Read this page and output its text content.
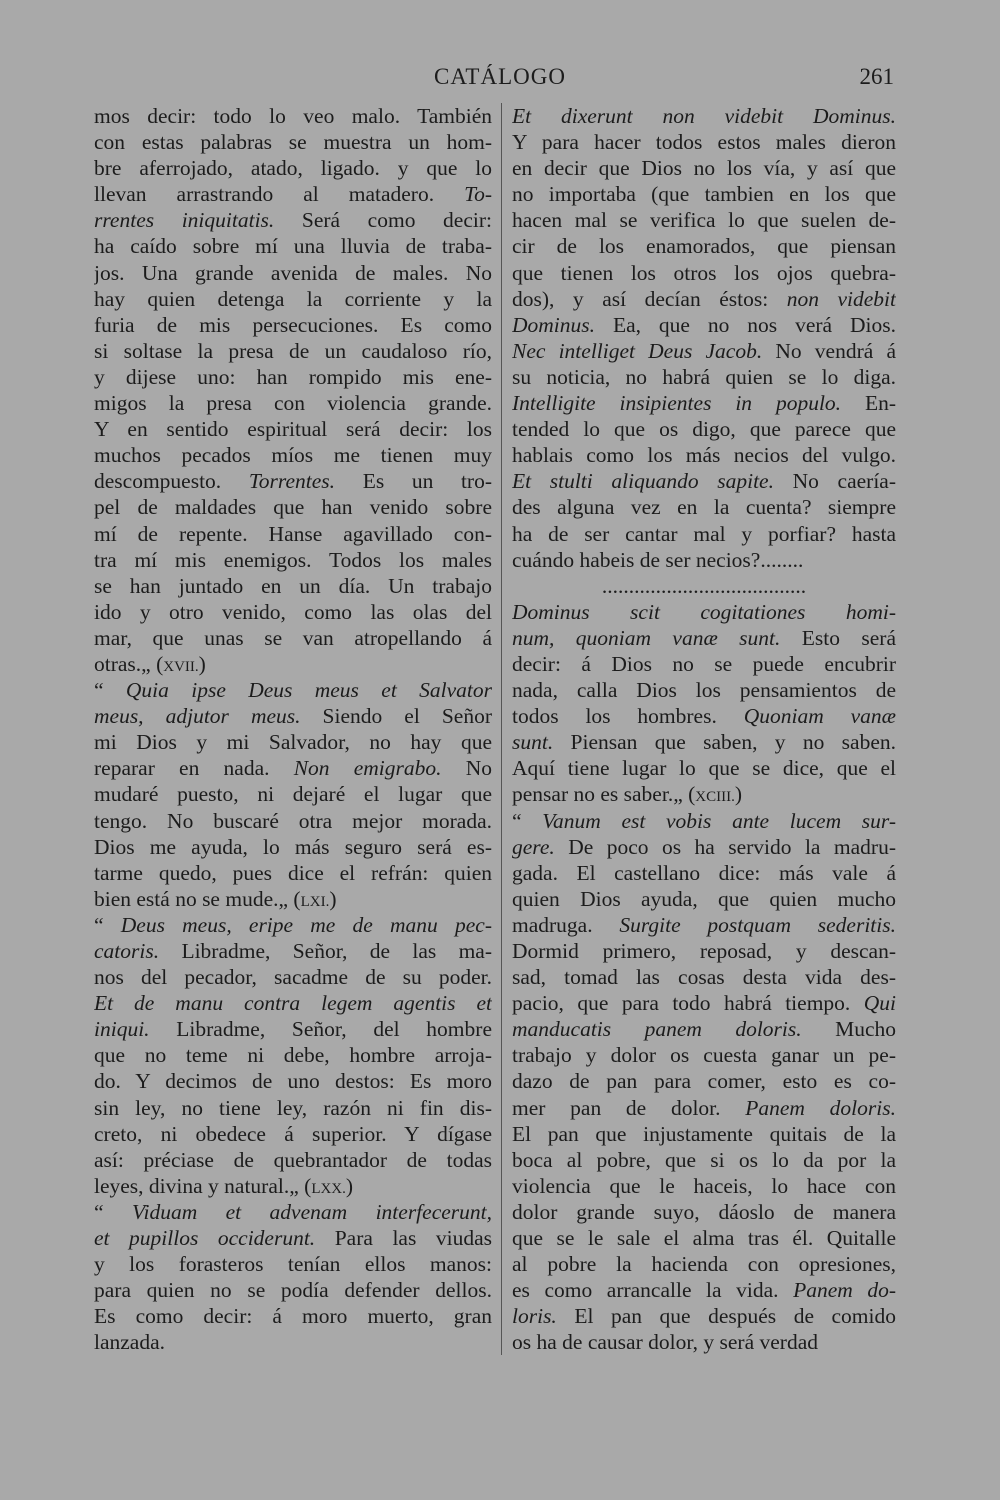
CATÁLOGO	261
mos decir: todo lo veo malo. También
con estas palabras se muestra un hom-
bre aferrojado, atado, ligado. y que lo
llevan arrastrando al matadero. To-
rrentes iniquitatis. Será como decir:
ha caído sobre mí una lluvia de traba-
jos. Una grande avenida de males. No
hay quien detenga la corriente y la
furia de mis persecuciones. Es como
si soltase la presa de un caudaloso río,
y dijese uno: han rompido mis ene-
migos la presa con violencia grande.
Y en sentido espiritual será decir: los
muchos pecados míos me tienen muy
descompuesto. Torrentes. Es un tro-
pel de maldades que han venido sobre
mí de repente. Hanse agavillado con-
tra mí mis enemigos. Todos los males
se han juntado en un día. Un trabajo
ido y otro venido, como las olas del
mar, que unas se van atropellando á
otras.„ (XVII.)
“ Quia ipse Deus meus et Salvator
meus, adjutor meus. Siendo el Señor
mi Dios y mi Salvador, no hay que
reparar en nada. Non emigrabo. No
mudaré puesto, ni dejaré el lugar que
tengo. No buscaré otra mejor morada.
Dios me ayuda, lo más seguro será es-
tarme quedo, pues dice el refrán: quien
bien está no se mude.„ (LXI.)
“ Deus meus, eripe me de manu pec-
catoris. Libradme, Señor, de las ma-
nos del pecador, sacadme de su poder.
Et de manu contra legem agentis et
iniqui. Libradme, Señor, del hombre
que no teme ni debe, hombre arroja-
do. Y decimos de uno destos: Es moro
sin ley, no tiene ley, razón ni fin dis-
creto, ni obedece á superior. Y dígase
así: préciase de quebrantador de todas
leyes, divina y natural.„ (LXX.)
“ Viduam et advenam interfecerunt,
et pupillos occiderunt. Para las viudas
y los forasteros tenían ellos manos:
para quien no se podía defender dellos.
Es como decir: á moro muerto, gran
lanzada.
Et dixerunt non videbit Dominus.
Y para hacer todos estos males dieron
en decir que Dios no los vía, y así que
no importaba (que tambien en los que
hacen mal se verifica lo que suelen de-
cir de los enamorados, que piensan
que tienen los otros los ojos quebra-
dos), y así decían éstos: non videbit
Dominus. Ea, que no nos verá Dios.
Nec intelliget Deus Jacob. No vendrá á
su noticia, no habrá quien se lo diga.
Intelligite insipientes in populo. En-
tended lo que os digo, que parece que
hablais como los más necios del vulgo.
Et stulti aliquando sapite. No caería-
des alguna vez en la cuenta? siempre
ha de ser cantar mal y porfiar? hasta
cuándo habeis de ser necios?........
......................................
Dominus scit cogitationes homi-
num, quoniam vanæ sunt. Esto será
decir: á Dios no se puede encubrir
nada, calla Dios los pensamientos de
todos los hombres. Quoniam vanæ
sunt. Piensan que saben, y no saben.
Aquí tiene lugar lo que se dice, que el
pensar no es saber.„ (XCIII.)
“ Vanum est vobis ante lucem sur-
gere. De poco os ha servido la madru-
gada. El castellano dice: más vale á
quien Dios ayuda, que quien mucho
madruga. Surgite postquam sederitis.
Dormid primero, reposad, y descan-
sad, tomad las cosas desta vida des-
pacio, que para todo habrá tiempo. Qui
manducatis panem doloris. Mucho
trabajo y dolor os cuesta ganar un pe-
dazo de pan para comer, esto es co-
mer pan de dolor. Panem doloris.
El pan que injustamente quitais de la
boca al pobre, que si os lo da por la
violencia que le haceis, lo hace con
dolor grande suyo, dáoslo de manera
que se le sale el alma tras él. Quitalle
al pobre la hacienda con opresiones,
es como arrancalle la vida. Panem do-
loris. El pan que después de comido
os ha de causar dolor, y será verdad
